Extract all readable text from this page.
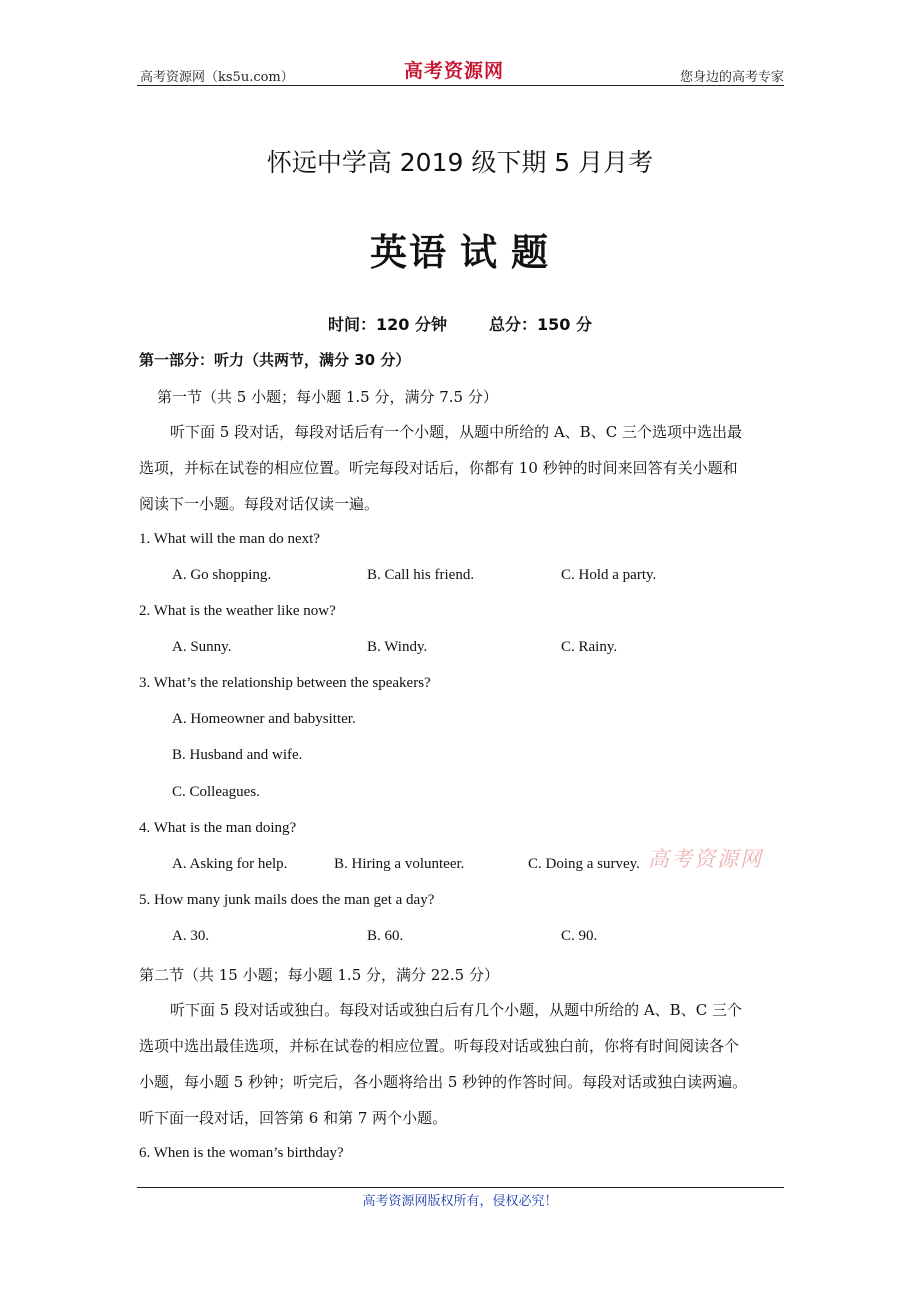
高考资源网（ks5u.com）	高考资源网	您身边的高考专家
怀远中学高 2019 级下期 5 月月考
英语 试 题
时间：120 分钟	总分：150 分
第一部分：听力（共两节，满分 30 分）
第一节（共 5 小题；每小题 1.5 分，满分 7.5 分）
听下面 5 段对话，每段对话后有一个小题，从题中所给的 A、B、C 三个选项中选出最
选项，并标在试卷的相应位置。听完每段对话后，你都有 10 秒钟的时间来回答有关小题和
阅读下一小题。每段对话仅读一遍。
1. What will the man do next?
A. Go shopping.	B. Call his friend.	C. Hold a party.
2. What is the weather like now?
A. Sunny.	B. Windy.	C. Rainy.
3. What’s the relationship between the speakers?
A. Homeowner and babysitter.
B. Husband and wife.
C. Colleagues.
4. What is the man doing?
A. Asking for help.	B. Hiring a volunteer.	C. Doing a survey. 高考资源网
5. How many junk mails does the man get a day?
A. 30.	B. 60.	C. 90.
第二节（共 15 小题；每小题 1.5 分，满分 22.5 分）
听下面 5 段对话或独白。每段对话或独白后有几个小题，从题中所给的 A、B、C 三个
选项中选出最佳选项，并标在试卷的相应位置。听每段对话或独白前，你将有时间阅读各个
小题，每小题 5 秒钟；听完后，各小题将给出 5 秒钟的作答时间。每段对话或独白读两遍。
听下面一段对话，回答第 6 和第 7 两个小题。
6. When is the woman’s birthday?
高考资源网版权所有，侵权必究！
